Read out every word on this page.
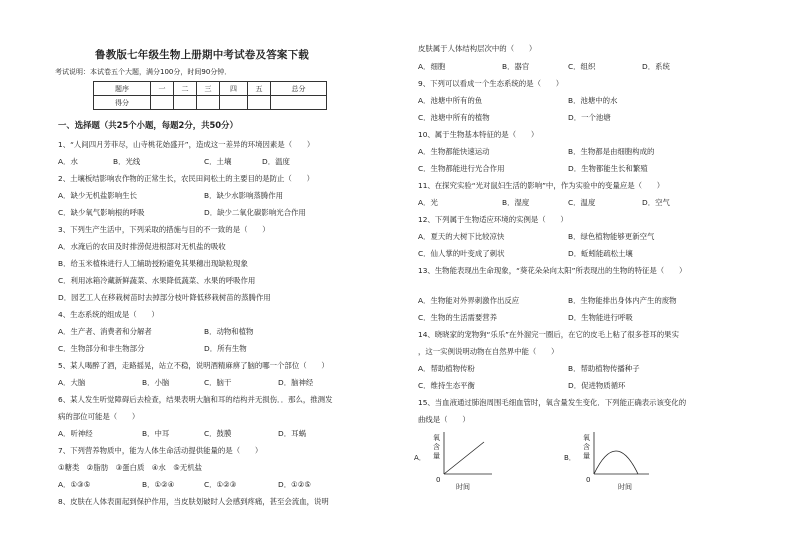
鲁教版七年级生物上册期中考试卷及答案下载
考试说明：本试卷五个大题，满分100分，时间90分钟．
题序	一	二	三	四	五	总分
得分						
一、选择题（共25个小题，每题2分，共50分）
1、“人间四月芳菲尽，山寺桃花始盛开”，造成这一差异的环境因素是（　　）
A．水	B．光线	C．土壤	D．温度
2、土壤板结影响农作物的正常生长，农民田间松土的主要目的是防止（　　）
A．缺少无机盐影响生长	B．缺少水影响蒸腾作用
C．缺少氧气影响根的呼吸	D．缺少二氧化碳影响光合作用
3、下列生产生活中，下列采取的措施与目的不一致的是（　　）
A．水淹后的农田及时排涝促进根部对无机盐的吸收
B．给玉米植株进行人工辅助授粉避免其果穗出现缺粒现象
C．利用冰箱冷藏新鲜蔬菜、水果降低蔬菜、水果的呼吸作用
D．园艺工人在移栽树苗时去掉部分枝叶降低移栽树苗的蒸腾作用
4、生态系统的组成是（　　）
A．生产者、消费者和分解者	B．动物和植物
C．生物部分和非生物部分	D．所有生物
5、某人喝醉了酒，走路摇晃，站立不稳，说明酒精麻痹了脑的哪一个部位（　　）
A．大脑	B．小脑	C．脑干	D．脑神经
6、某人发生听觉障碍后去检查，结果表明大脑和耳的结构并无损伤．．那么，推测发
病的部位可能是（　　）
A．听神经	B．中耳	C．鼓膜	D．耳蜗
7、下列营养物质中，能为人体生命活动提供能量的是（　　）
①糖类　②脂肪　③蛋白质　④水　⑤无机盐
A．①③⑤	B．①②④	C．①②③	D．①②⑤
8、皮肤在人体表面起到保护作用，当皮肤划破时人会感到疼痛，甚至会流血，说明
皮肤属于人体结构层次中的（　　）
A．细胞	B．器官	C．组织	D．系统
9、下列可以看成一个生态系统的是（　　）
A．池塘中所有的鱼	B．池塘中的水
C．池塘中所有的植物	D．一个池塘
10、属于生物基本特征的是（　　）
A．生物都能快速运动	B．生物都是由细胞构成的
C．生物都能进行光合作用	D．生物都能生长和繁殖
11、在探究实验“光对鼠妇生活的影响”中，作为实验中的变量应是（　　）
A．光	B．湿度	C．温度	D．空气
12、下列属于生物适应环境的实例是（　　）
A．夏天的大树下比较凉快	B．绿色植物能够更新空气
C．仙人掌的叶变成了刺状	D．蚯蚓能疏松土壤
13、生物能表现出生命现象，“葵花朵朵向太阳”所表现出的生物的特征是（　　）
A．生物能对外界刺激作出反应	B．生物能排出身体内产生的废物
C．生物的生活需要营养	D．生物能进行呼吸
14、晓晓家的宠物狗“乐乐”在外溜完一圈后，在它的皮毛上粘了很多苍耳的果实
，这一实例说明动物在自然界中能（　　）
A．帮助植物传粉	B．帮助植物传播种子
C．维持生态平衡	D．促进物质循环
15、当血液通过肺泡周围毛细血管时，氧含量发生变化．下列能正确表示该变化的
曲线是（　　）
A．
氧
含
量
0
时间
B．
氧
含
量
0
时间
